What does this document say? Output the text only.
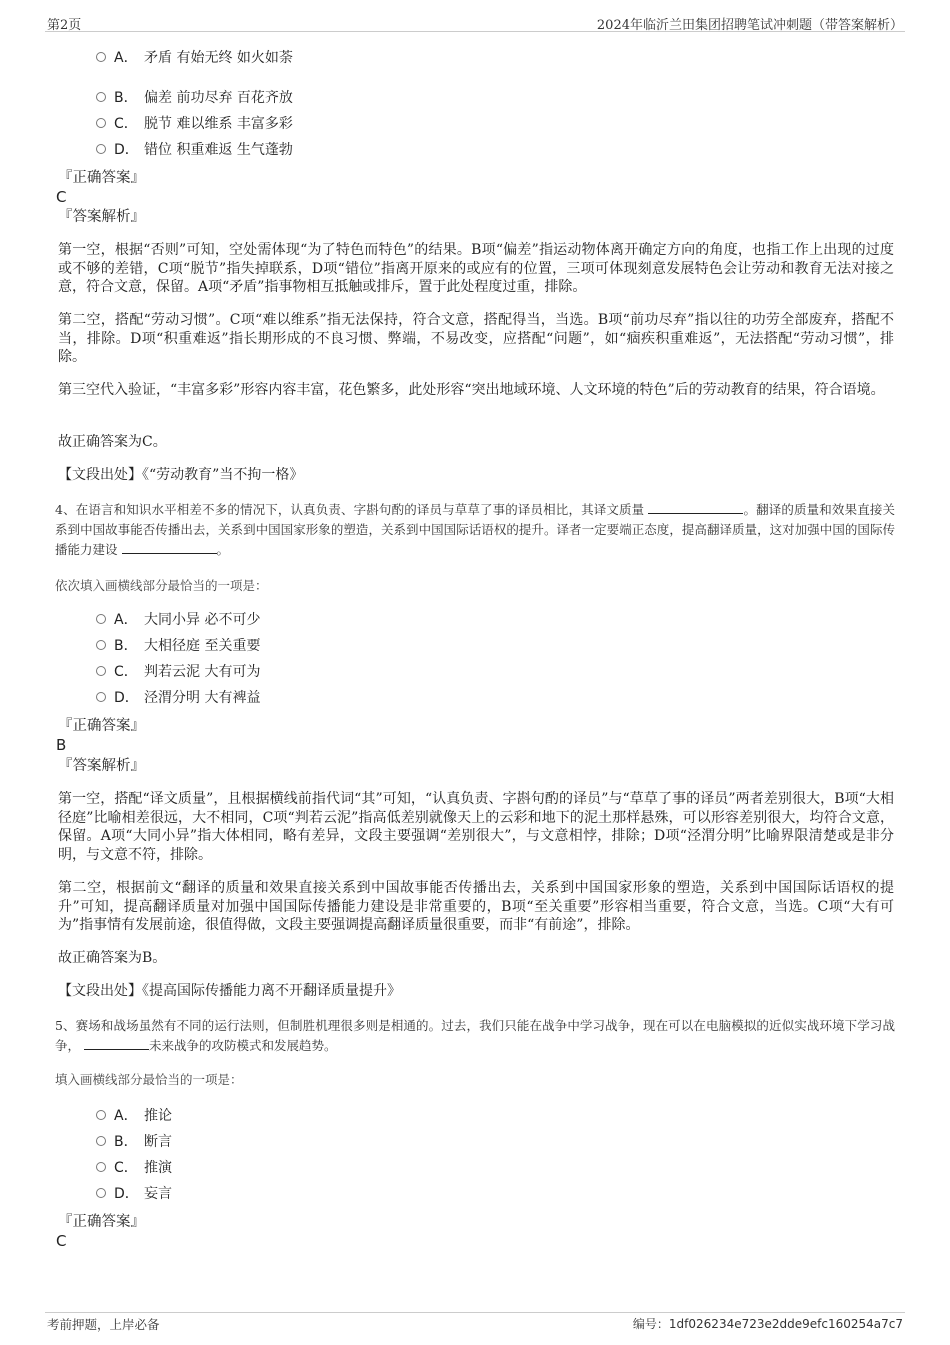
第2页	2024年临沂兰田集团招聘笔试冲刺题（带答案解析）
A． 矛盾 有始无终 如火如荼
B． 偏差 前功尽弃 百花齐放
C． 脱节 难以维系 丰富多彩
D． 错位 积重难返 生气蓬勃
『正确答案』
C
『答案解析』
第一空，根据“否则”可知，空处需体现“为了特色而特色”的结果。B项“偏差”指运动物体离开确定方向的角度，也指工作上出现的过度或不够的差错，C项“脱节”指失掉联系，D项“错位”指离开原来的或应有的位置，三项可体现刻意发展特色会让劳动和教育无法对接之意，符合文意，保留。A项“矛盾”指事物相互抵触或排斥，置于此处程度过重，排除。
第二空，搭配“劳动习惯”。C项“难以维系”指无法保持，符合文意，搭配得当，当选。B项“前功尽弃”指以往的功劳全部废弃，搭配不当，排除。D项“积重难返”指长期形成的不良习惯、弊端，不易改变，应搭配“问题”，如“痼疾积重难返”，无法搭配“劳动习惯”，排除。
第三空代入验证，“丰富多彩”形容内容丰富，花色繁多，此处形容“突出地域环境、人文环境的特色”后的劳动教育的结果，符合语境。
故正确答案为C。
【文段出处】《“劳动教育”当不拘一格》
4、在语言和知识水平相差不多的情况下，认真负责、字斟句酌的译员与草草了事的译员相比，其译文质量	。翻译的质量和效果直接关系到中国故事能否传播出去，关系到中国国家形象的塑造，关系到中国国际话语权的提升。译者一定要端正态度，提高翻译质量，这对加强中国的国际传播能力建设	。
依次填入画横线部分最恰当的一项是：
A． 大同小异 必不可少
B． 大相径庭 至关重要
C． 判若云泥 大有可为
D． 泾渭分明 大有裨益
『正确答案』
B
『答案解析』
第一空，搭配“译文质量”，且根据横线前指代词“其”可知，“认真负责、字斟句酌的译员”与“草草了事的译员”两者差别很大，B项“大相径庭”比喻相差很远，大不相同，C项“判若云泥”指高低差别就像天上的云彩和地下的泥土那样悬殊，可以形容差别很大，均符合文意，保留。A项“大同小异”指大体相同，略有差异，文段主要强调“差别很大”，与文意相悖，排除；D项“泾渭分明”比喻界限清楚或是非分明，与文意不符，排除。
第二空，根据前文“翻译的质量和效果直接关系到中国故事能否传播出去，关系到中国国家形象的塑造，关系到中国国际话语权的提升”可知，提高翻译质量对加强中国国际传播能力建设是非常重要的，B项“至关重要”形容相当重要，符合文意，当选。C项“大有可为”指事情有发展前途，很值得做，文段主要强调提高翻译质量很重要，而非“有前途”，排除。
故正确答案为B。
【文段出处】《提高国际传播能力离不开翻译质量提升》
5、赛场和战场虽然有不同的运行法则，但制胜机理很多则是相通的。过去，我们只能在战争中学习战争，现在可以在电脑模拟的近似实战环境下学习战争，	未来战争的攻防模式和发展趋势。
填入画横线部分最恰当的一项是：
A． 推论
B． 断言
C． 推演
D． 妄言
『正确答案』
C
考前押题，上岸必备	编号：1df026234e723e2dde9efc160254a7c7
